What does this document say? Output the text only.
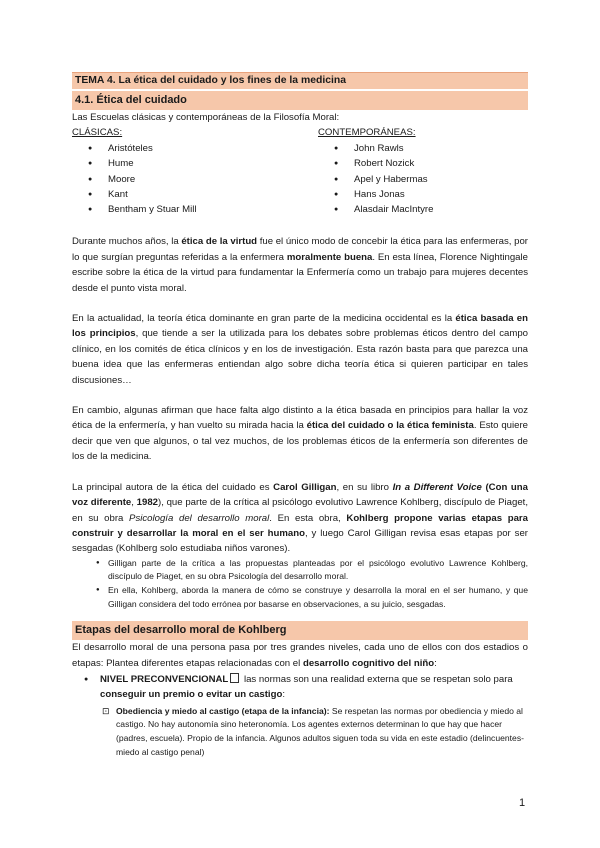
TEMA 4. La ética del cuidado y los fines de la medicina
4.1. Ética del cuidado

Las Escuelas clásicas y contemporáneas de la Filosofía Moral:

CLÁSICAS:
● Aristóteles
● Hume
● Moore
● Kant
● Bentham y Stuar Mill
CONTEMPORÁNEAS:
● John Rawls
● Robert Nozick
● Apel y Habermas
● Hans Jonas
● Alasdair MacIntyre

Durante muchos años, la ética de la virtud fue el único modo de concebir la ética para las enfermeras, por lo que surgían preguntas referidas a la enfermera moralmente buena. En esta línea, Florence Nightingale escribe sobre la ética de la virtud para fundamentar la Enfermería como un trabajo para mujeres decentes desde el punto vista moral.

En la actualidad, la teoría ética dominante en gran parte de la medicina occidental es la ética basada en los principios, que tiende a ser la utilizada para los debates sobre problemas éticos dentro del campo clínico, en los comités de ética clínicos y en los de investigación. Esta razón basta para que parezca una buena idea que las enfermeras entiendan algo sobre dicha teoría ética si quieren participar en tales discusiones…

En cambio, algunas afirman que hace falta algo distinto a la ética basada en principios para hallar la voz ética de la enfermería, y han vuelto su mirada hacia la ética del cuidado o la ética feminista. Esto quiere decir que ven que algunos, o tal vez muchos, de los problemas éticos de la enfermería son diferentes de los de la medicina.

La principal autora de la ética del cuidado es Carol Gilligan, en su libro In a Different Voice (Con una voz diferente, 1982), que parte de la crítica al psicólogo evolutivo Lawrence Kohlberg, discípulo de Piaget, en su obra Psicología del desarrollo moral. En esta obra, Kohlberg propone varias etapas para construir y desarrollar la moral en el ser humano, y luego Carol Gilligan revisa esas etapas por ser sesgadas (Kohlberg solo estudiaba niños varones).

● Gilligan parte de la crítica a las propuestas planteadas por el psicólogo evolutivo Lawrence Kohlberg, discípulo de Piaget, en su obra Psicología del desarrollo moral.
● En ella, Kohlberg, aborda la manera de cómo se construye y desarrolla la moral en el ser humano, y que Gilligan considera del todo errónea por basarse en observaciones, a su juicio, sesgadas.
Etapas del desarrollo moral de Kohlberg

El desarrollo moral de una persona pasa por tres grandes niveles, cada uno de ellos con dos estadios o etapas: Plantea diferentes etapas relacionadas con el desarrollo cognitivo del niño:

● NIVEL PRECONVENCIONAL las normas son una realidad externa que se respetan solo para conseguir un premio o evitar un castigo:
⊡ Obediencia y miedo al castigo (etapa de la infancia): Se respetan las normas por obediencia y miedo al castigo. No hay autonomía sino heteronomía. Los agentes externos determinan lo que hay que hacer (padres, escuela). Propio de la infancia. Algunos adultos siguen toda su vida en este estadio (delincuentes-miedo al castigo penal)
1
